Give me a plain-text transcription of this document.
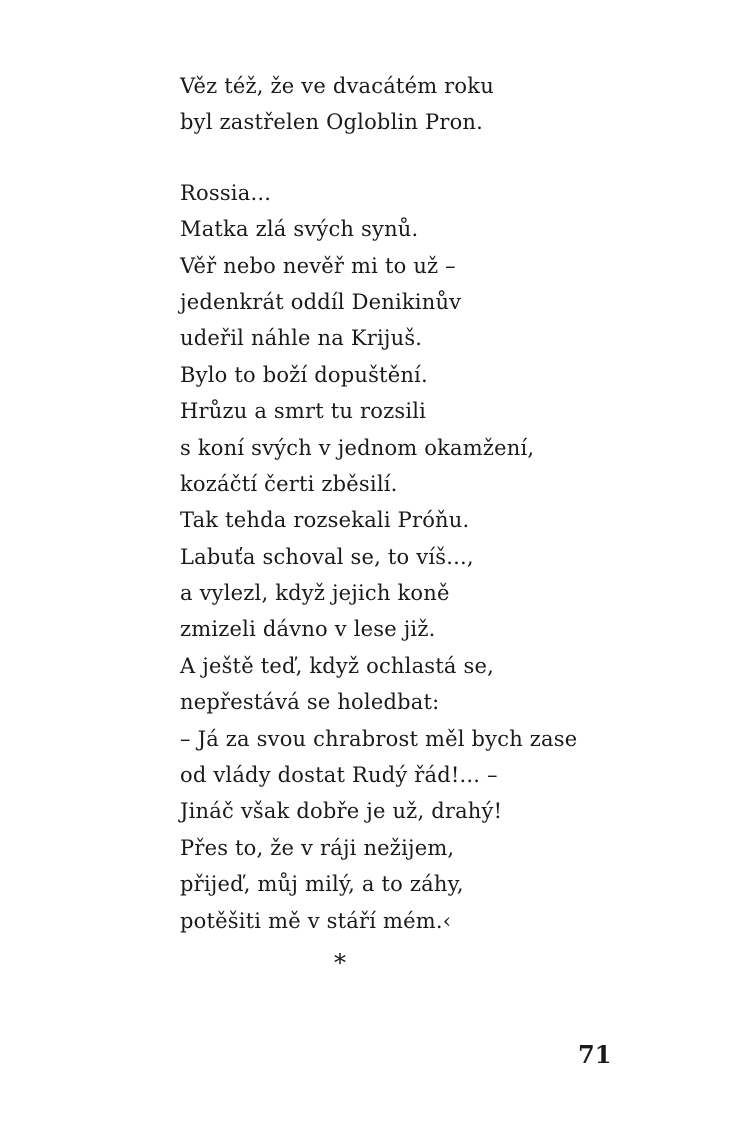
Věz též, že ve dvacátém roku
byl zastřelen Ogloblin Pron.

Rossia...
Matka zlá svých synů.
Věř nebo nevěř mi to už –
jedenkrát oddíl Denikinův
udeřil náhle na Krijuš.
Bylo to boží dopuštění.
Hrůzu a smrt tu rozsili
s koní svých v jednom okamžení,
kozáčtí čerti zběsilí.
Tak tehda rozsekali Próňu.
Labuťa schoval se, to víš...,
a vylezl, když jejich koně
zmizeli dávno v lese již.
A ještě teď, když ochlastá se,
nepřestává se holedbat:
– Já za svou chrabrost měl bych zase
od vlády dostat Rudý řád!... –
Jináč však dobře je už, drahý!
Přes to, že v ráji nežijem,
přijeď, můj milý, a to záhy,
potěšiti mě v stáří mém.‹

*
71
